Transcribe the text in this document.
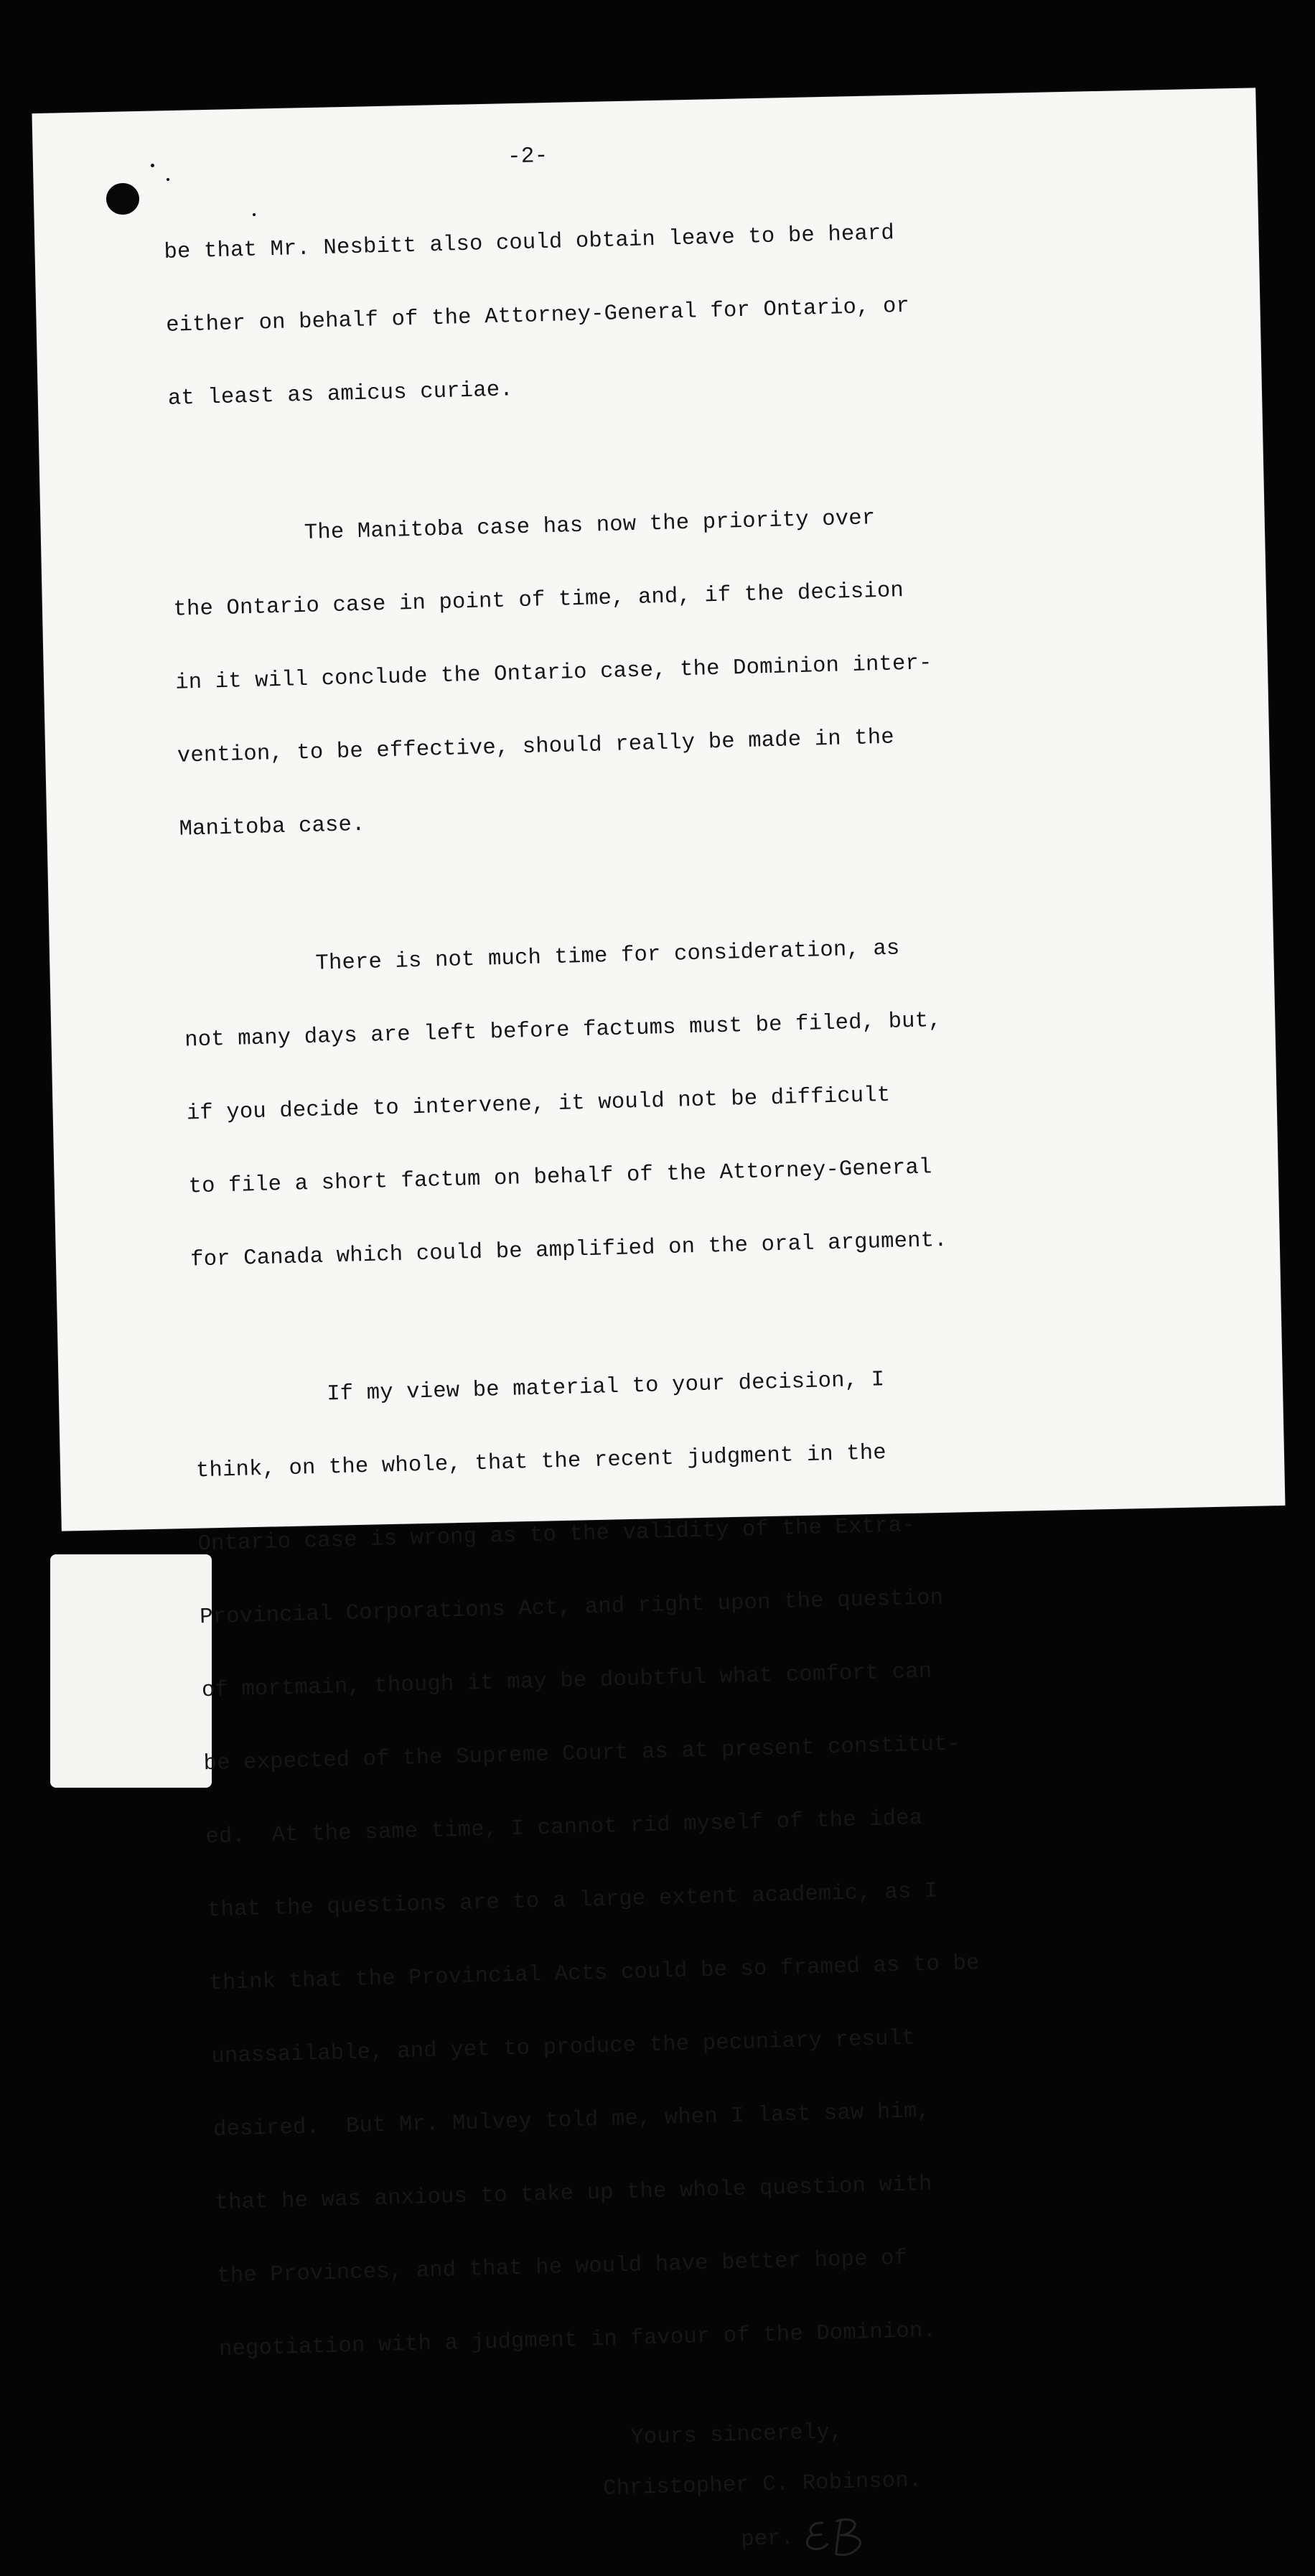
-2-

be that Mr. Nesbitt also could obtain leave to be heard

either on behalf of the Attorney-General for Ontario, or

at least as amicus curiae.

The Manitoba case has now the priority over

the Ontario case in point of time, and, if the decision

in it will conclude the Ontario case, the Dominion inter-

vention, to be effective, should really be made in the

Manitoba case.

There is not much time for consideration, as

not many days are left before factums must be filed, but,

if you decide to intervene, it would not be difficult

to file a short factum on behalf of the Attorney-General

for Canada which could be amplified on the oral argument.

If my view be material to your decision, I

think, on the whole, that the recent judgment in the

Ontario case is wrong as to the validity of the Extra-

Provincial Corporations Act, and right upon the question

of mortmain, though it may be doubtful what comfort can

be expected of the Supreme Court as at present constitut-

ed.  At the same time, I cannot rid myself of the idea

that the questions are to a large extent academic, as I

think that the Provincial Acts could be so framed as to be

unassailable, and yet to produce the pecuniary result

desired.  But Mr. Mulvey told me, when I last saw him,

that he was anxious to take up the whole question with

the Provinces, and that he would have better hope of

negotiation with a judgment in favour of the Dominion.

Yours sincerely,
Christopher C. Robinson.
per.
